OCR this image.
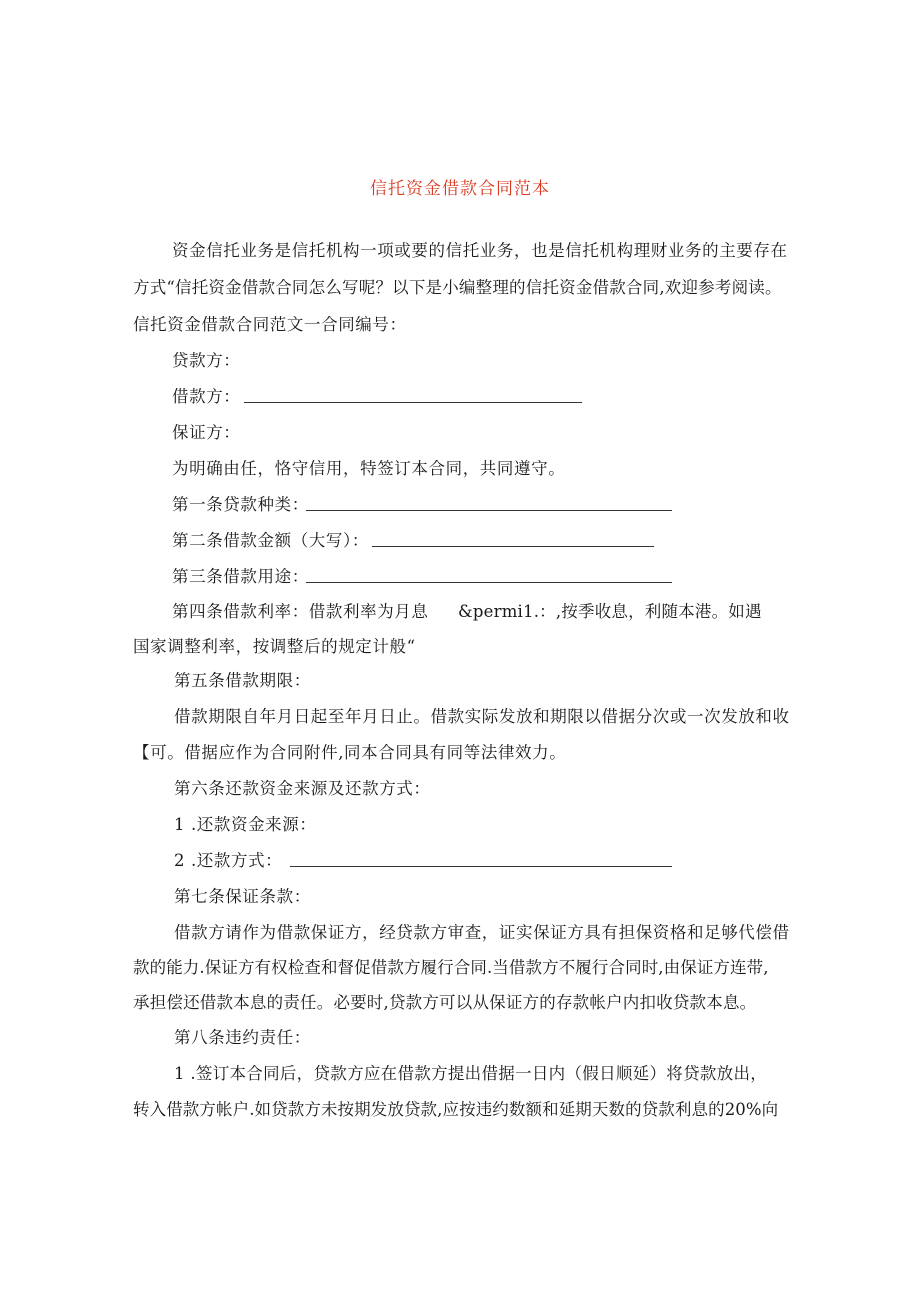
信托资金借款合同范本
资金信托业务是信托机构一项或要的信托业务，也是信托机构理财业务的主要存在
方式“信托资金借款合同怎么写呢？以下是小编整理的信托资金借款合同,欢迎参考阅读。
信托资金借款合同范文一合同编号：
贷款方：
借款方：
保证方：
为明确由任，恪守信用，特签订本合同，共同遵守。
第一条贷款种类：
第二条借款金额（大写）：
第三条借款用途：
第四条借款利率：借款利率为月息 &permi1.：,按季收息，利随本港。如遇
国家调整利率，按调整后的规定计般“
第五条借款期限：
借款期限自年月日起至年月日止。借款实际发放和期限以借据分次或一次发放和收
【可。借据应作为合同附件,同本合同具有同等法律效力。
第六条还款资金来源及还款方式：
1 .还款资金来源：
2 .还款方式：
第七条保证条款：
借款方请作为借款保证方，经贷款方审查，证实保证方具有担保资格和足够代偿借
款的能力.保证方有权检查和督促借款方履行合同.当借款方不履行合同时,由保证方连带,
承担偿还借款本息的责任。必要时,贷款方可以从保证方的存款帐户内扣收贷款本息。
第八条违约责任：
1 .签订本合同后，贷款方应在借款方提出借据一日内（假日顺延）将贷款放出，
转入借款方帐户.如贷款方未按期发放贷款,应按违约数额和延期天数的贷款利息的20%向
